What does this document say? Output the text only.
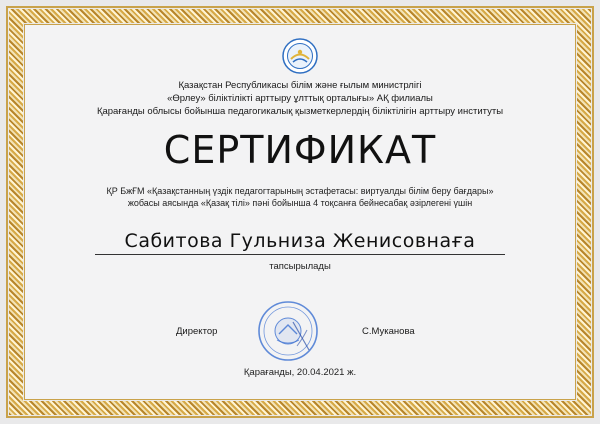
Қазақстан Республикасы білім және ғылым министрлігі
«Өрлеу» біліктілікті арттыру ұлттық орталығы» АҚ филиалы
Қарағанды облысы бойынша педагогикалық қызметкерлердің біліктілігін арттыру институты
СЕРТИФИКАТ
ҚР БжҒМ «Қазақстанның үздік педагогтарының эстафетасы: виртуалды білім беру бағдары»
жобасы аясында «Қазақ тілі» пәні бойынша 4 тоқсанға бейнесабақ әзірлегені үшін
Сабитова Гульниза Женисовнаға
тапсырылады
Директор	С.Муканова
Қарағанды, 20.04.2021 ж.
